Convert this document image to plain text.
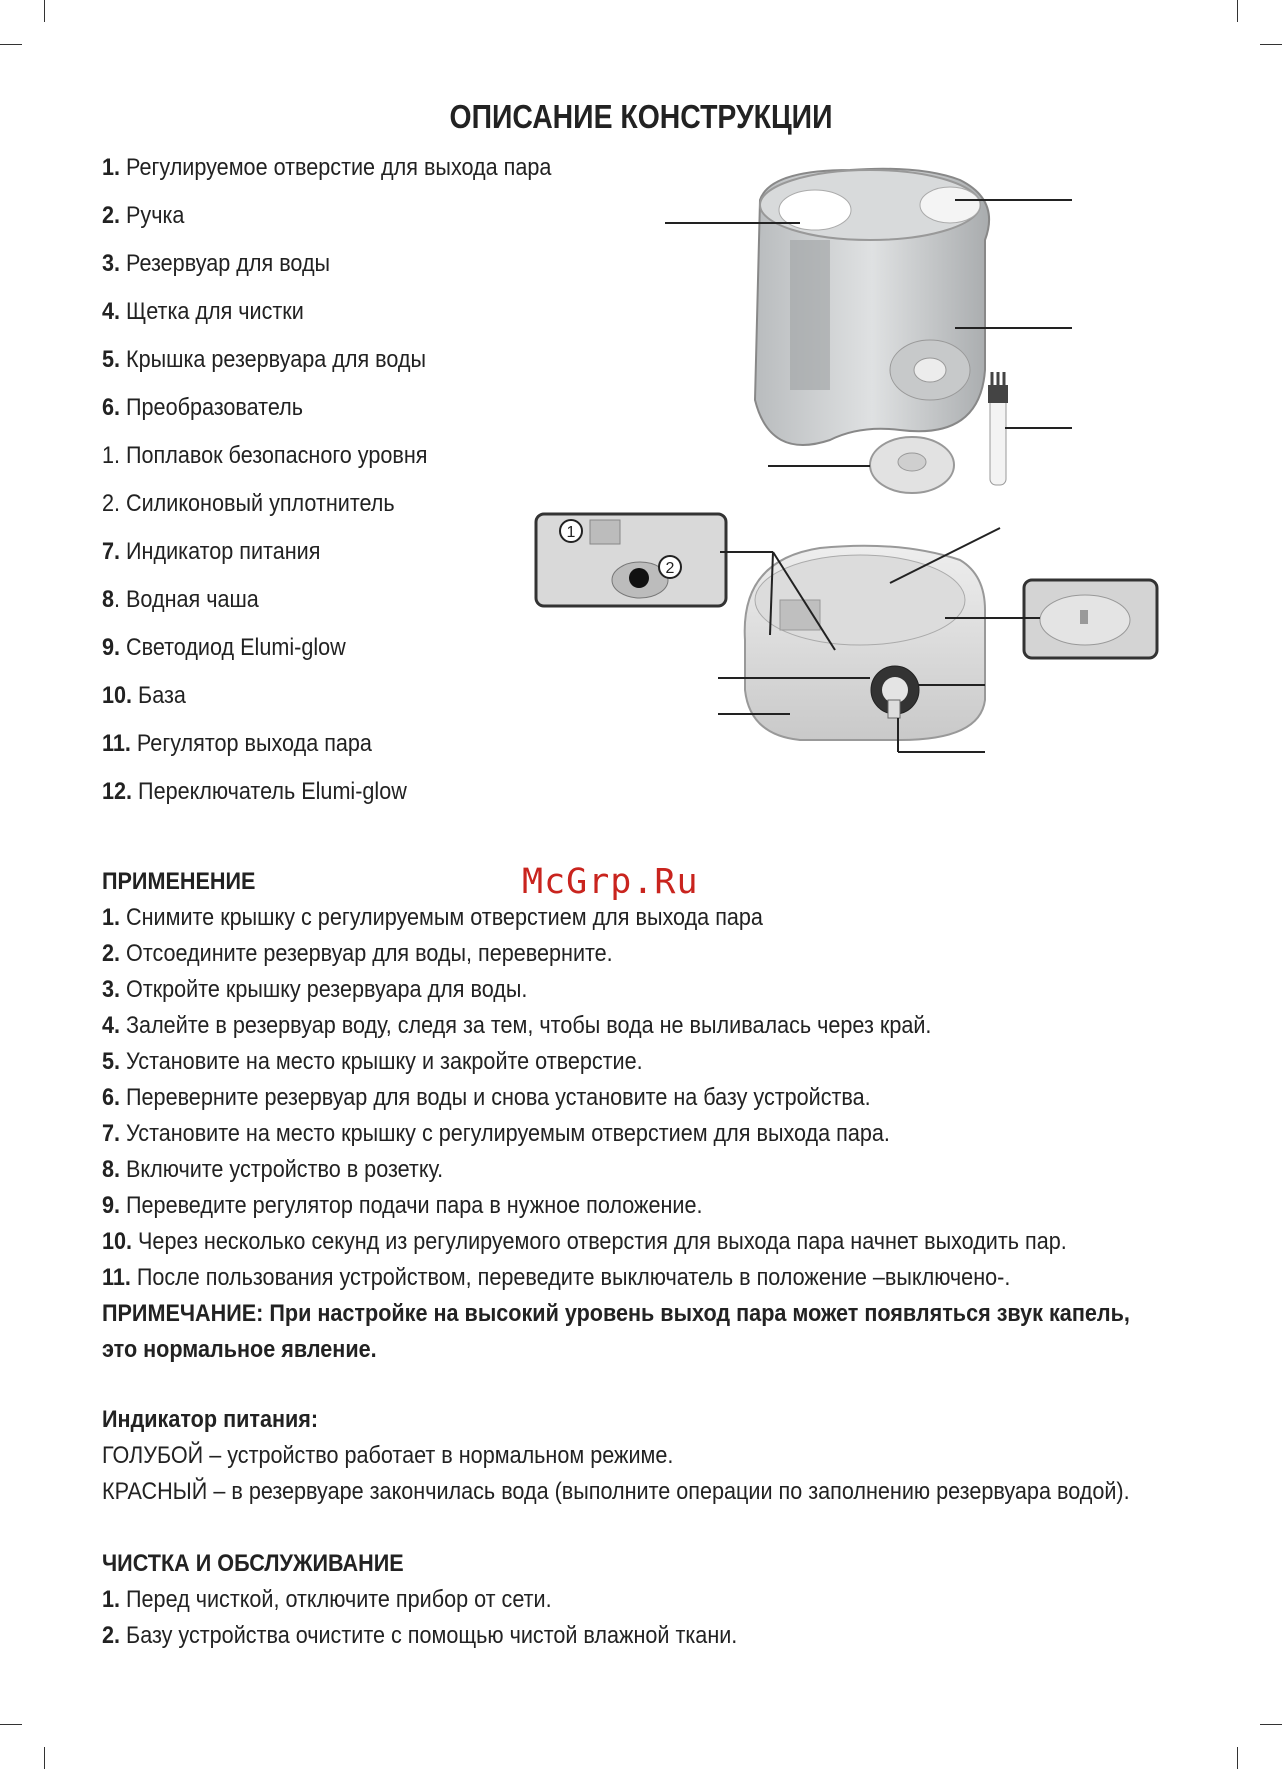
ОПИСАНИЕ КОНСТРУКЦИИ
1. Регулируемое отверстие для выхода пара
2. Ручка
3. Резервуар для воды
4. Щетка для чистки
5. Крышка резервуара для воды
6. Преобразователь
1. Поплавок безопасного уровня
2. Силиконовый уплотнитель
7. Индикатор питания
8. Водная чаша
9. Светодиод Elumi-glow
10. База
11. Регулятор выхода пара
12. Переключатель Elumi-glow
1
2
McGrp.Ru

ПРИМЕНЕНИЕ

1. Снимите крышку с регулируемым отверстием для выхода пара

2. Отсоедините резервуар для воды, переверните.

3. Откройте крышку резервуара для воды.

4. Залейте в резервуар воду, следя за тем, чтобы вода не выливалась через край.

5. Установите на место крышку и закройте отверстие.

6. Переверните резервуар для воды и снова установите на базу устройства.

7. Установите на место крышку с регулируемым отверстием для выхода пара.

8. Включите устройство в розетку.

9. Переведите регулятор подачи пара в нужное положение.

10. Через несколько секунд из регулируемого отверстия для выхода пара начнет выходить пар.

11. После пользования устройством, переведите выключатель в положение –выключено-.

ПРИМЕЧАНИЕ: При настройке на высокий уровень выход пара может появляться звук капель,

это нормальное явление.

Индикатор питания:

ГОЛУБОЙ – устройство работает в нормальном режиме.

КРАСНЫЙ – в резервуаре закончилась вода (выполните операции по заполнению резервуара водой).

ЧИСТКА И ОБСЛУЖИВАНИЕ

1. Перед чисткой, отключите прибор от сети.

2. Базу устройства очистите с помощью чистой влажной ткани.
